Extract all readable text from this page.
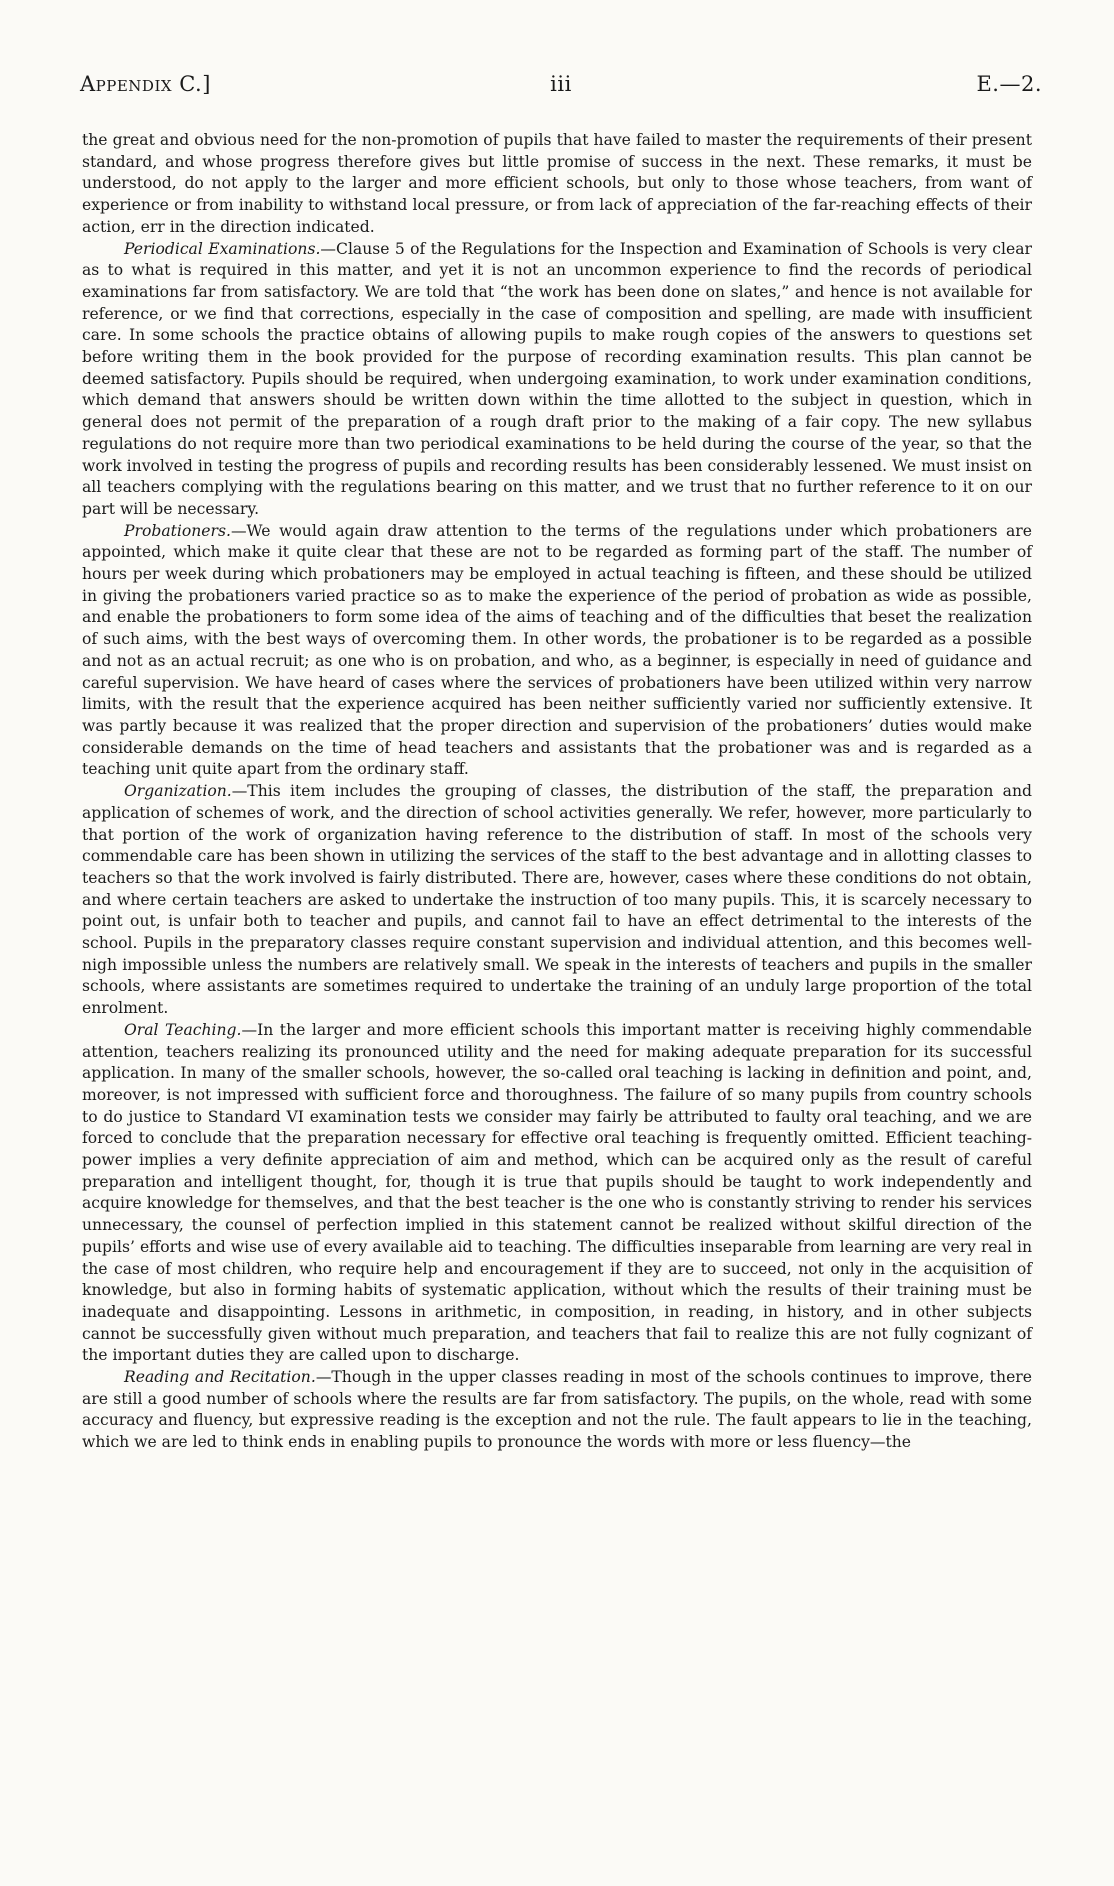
Appendix C.]	iii	E.—2.

the great and obvious need for the non-promotion of pupils that have failed to master the requirements of their present standard, and whose progress therefore gives but little promise of success in the next. These remarks, it must be understood, do not apply to the larger and more efficient schools, but only to those whose teachers, from want of experience or from inability to withstand local pressure, or from lack of appreciation of the far-reaching effects of their action, err in the direction indicated.

Periodical Examinations.—Clause 5 of the Regulations for the Inspection and Examination of Schools is very clear as to what is required in this matter, and yet it is not an uncommon experience to find the records of periodical examinations far from satisfactory. We are told that “the work has been done on slates,” and hence is not available for reference, or we find that corrections, especially in the case of composition and spelling, are made with insufficient care. In some schools the practice obtains of allowing pupils to make rough copies of the answers to questions set before writing them in the book provided for the purpose of recording examination results. This plan cannot be deemed satisfactory. Pupils should be required, when undergoing examination, to work under examination conditions, which demand that answers should be written down within the time allotted to the subject in question, which in general does not permit of the preparation of a rough draft prior to the making of a fair copy. The new syllabus regulations do not require more than two periodical examinations to be held during the course of the year, so that the work involved in testing the progress of pupils and recording results has been considerably lessened. We must insist on all teachers complying with the regulations bearing on this matter, and we trust that no further reference to it on our part will be necessary.

Probationers.—We would again draw attention to the terms of the regulations under which probationers are appointed, which make it quite clear that these are not to be regarded as forming part of the staff. The number of hours per week during which probationers may be employed in actual teaching is fifteen, and these should be utilized in giving the probationers varied practice so as to make the experience of the period of probation as wide as possible, and enable the probationers to form some idea of the aims of teaching and of the difficulties that beset the realization of such aims, with the best ways of overcoming them. In other words, the probationer is to be regarded as a possible and not as an actual recruit; as one who is on probation, and who, as a beginner, is especially in need of guidance and careful supervision. We have heard of cases where the services of probationers have been utilized within very narrow limits, with the result that the experience acquired has been neither sufficiently varied nor sufficiently extensive. It was partly because it was realized that the proper direction and supervision of the probationers’ duties would make considerable demands on the time of head teachers and assistants that the probationer was and is regarded as a teaching unit quite apart from the ordinary staff.

Organization.—This item includes the grouping of classes, the distribution of the staff, the preparation and application of schemes of work, and the direction of school activities generally. We refer, however, more particularly to that portion of the work of organization having reference to the distribution of staff. In most of the schools very commendable care has been shown in utilizing the services of the staff to the best advantage and in allotting classes to teachers so that the work involved is fairly distributed. There are, however, cases where these conditions do not obtain, and where certain teachers are asked to undertake the instruction of too many pupils. This, it is scarcely necessary to point out, is unfair both to teacher and pupils, and cannot fail to have an effect detrimental to the interests of the school. Pupils in the preparatory classes require constant supervision and individual attention, and this becomes well-nigh impossible unless the numbers are relatively small. We speak in the interests of teachers and pupils in the smaller schools, where assistants are sometimes required to undertake the training of an unduly large proportion of the total enrolment.

Oral Teaching.—In the larger and more efficient schools this important matter is receiving highly commendable attention, teachers realizing its pronounced utility and the need for making adequate preparation for its successful application. In many of the smaller schools, however, the so-called oral teaching is lacking in definition and point, and, moreover, is not impressed with sufficient force and thoroughness. The failure of so many pupils from country schools to do justice to Standard VI examination tests we consider may fairly be attributed to faulty oral teaching, and we are forced to conclude that the preparation necessary for effective oral teaching is frequently omitted. Efficient teaching-power implies a very definite appreciation of aim and method, which can be acquired only as the result of careful preparation and intelligent thought, for, though it is true that pupils should be taught to work independently and acquire knowledge for themselves, and that the best teacher is the one who is constantly striving to render his services unnecessary, the counsel of perfection implied in this statement cannot be realized without skilful direction of the pupils’ efforts and wise use of every available aid to teaching. The difficulties inseparable from learning are very real in the case of most children, who require help and encouragement if they are to succeed, not only in the acquisition of knowledge, but also in forming habits of systematic application, without which the results of their training must be inadequate and disappointing. Lessons in arithmetic, in composition, in reading, in history, and in other subjects cannot be successfully given without much preparation, and teachers that fail to realize this are not fully cognizant of the important duties they are called upon to discharge.

Reading and Recitation.—Though in the upper classes reading in most of the schools continues to improve, there are still a good number of schools where the results are far from satisfactory. The pupils, on the whole, read with some accuracy and fluency, but expressive reading is the exception and not the rule. The fault appears to lie in the teaching, which we are led to think ends in enabling pupils to pronounce the words with more or less fluency—the
